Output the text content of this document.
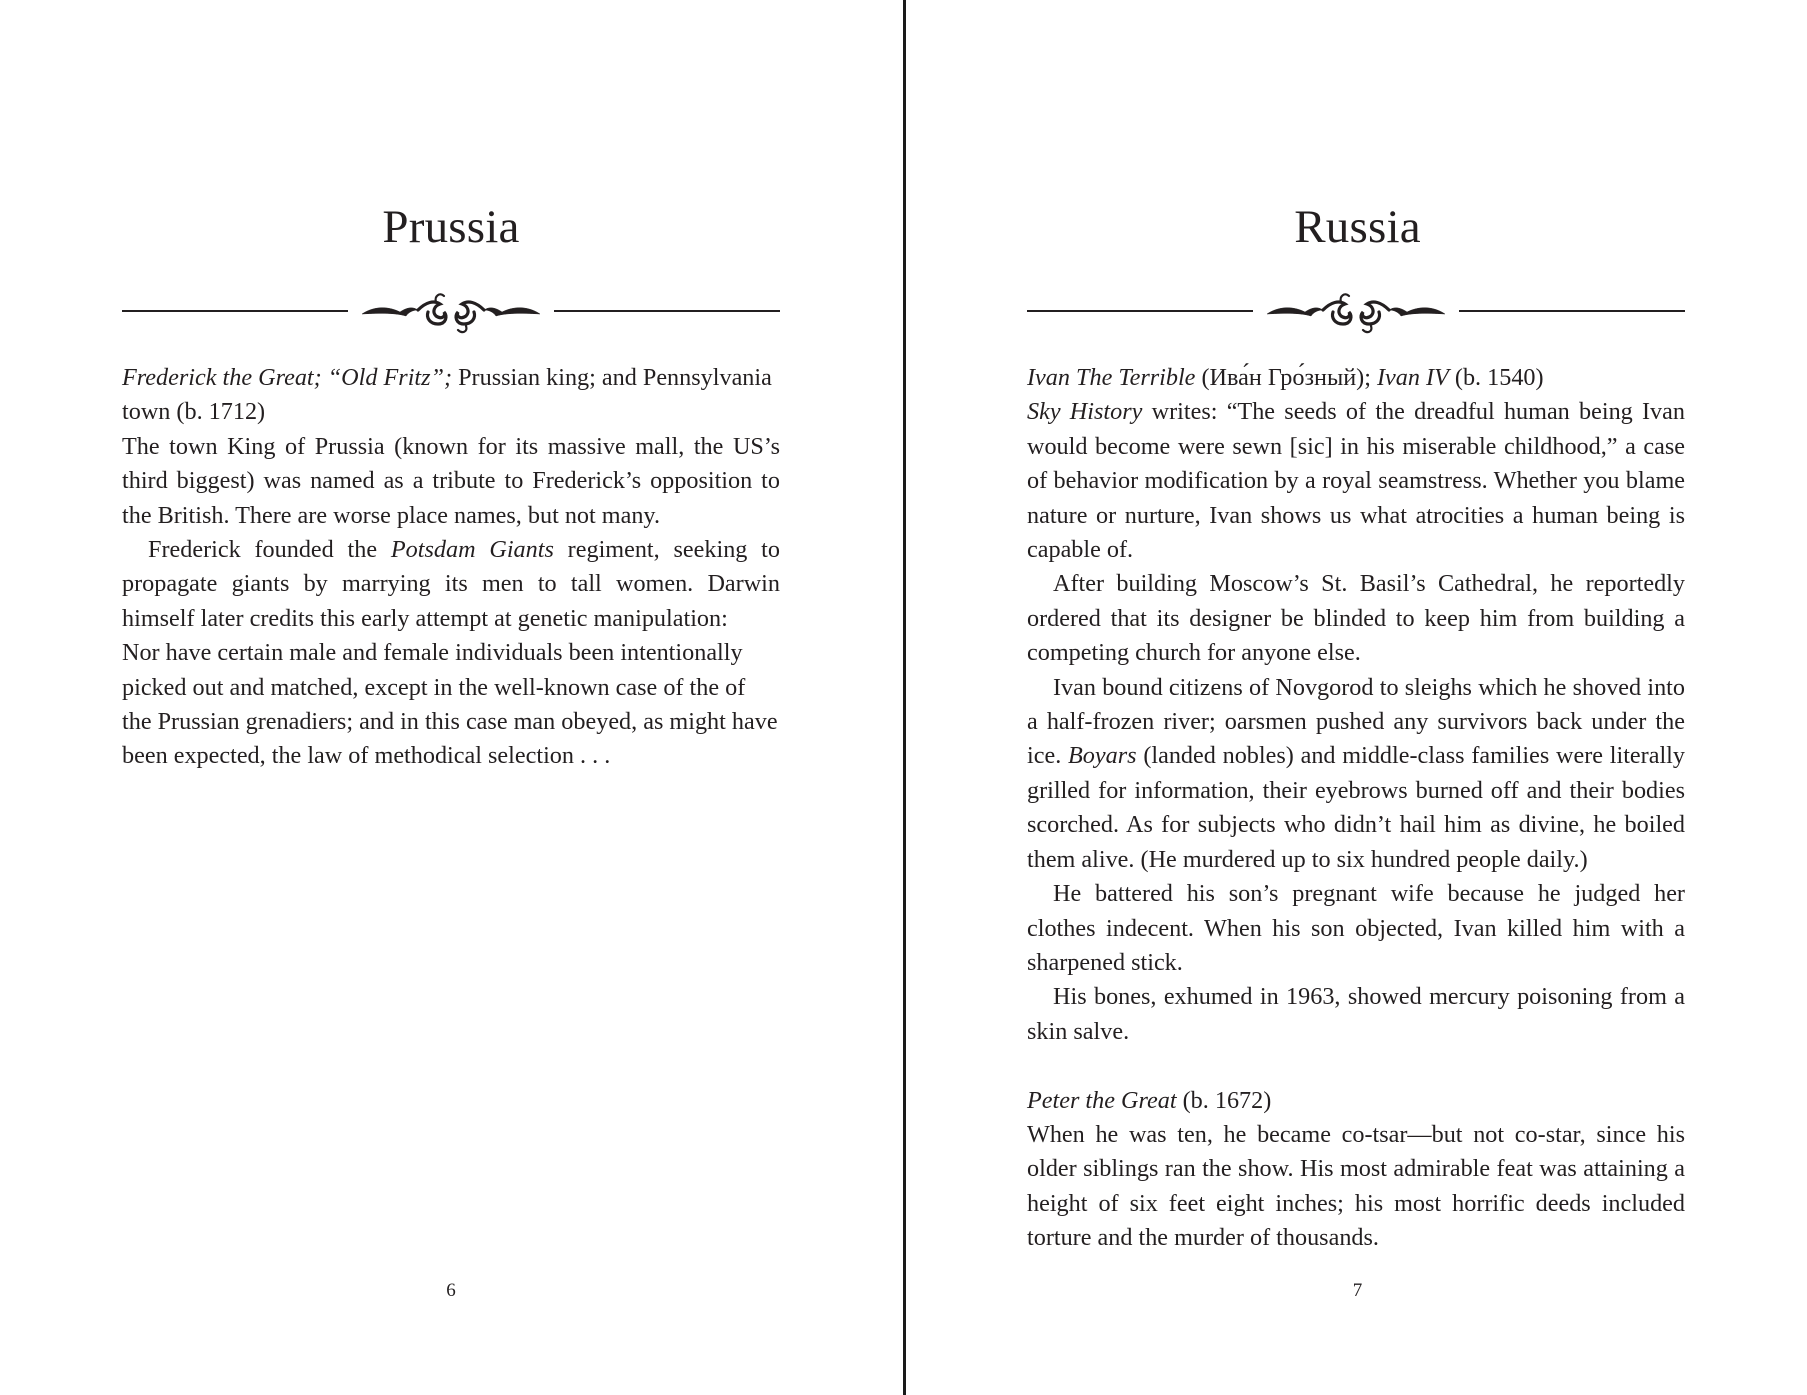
Prussia

Frederick the Great; “Old Fritz”; Prussian king; and Pennsylvania town (b. 1712)

The town King of Prussia (known for its massive mall, the US’s third biggest) was named as a tribute to Frederick’s opposition to the British. There are worse place names, but not many.

Frederick founded the Potsdam Giants regiment, seeking to propagate giants by marrying its men to tall women. Darwin himself later credits this early attempt at genetic manipulation:

Nor have certain male and female individuals been intentionally picked out and matched, except in the well-known case of the of the Prussian grenadiers; and in this case man obeyed, as might have been expected, the law of methodical selection . . .

6
Russia

Ivan The Terrible (Ива́н Гро́зный); Ivan IV (b. 1540)

Sky History writes: “The seeds of the dreadful human being Ivan would become were sewn [sic] in his miserable childhood,” a case of behavior modification by a royal seamstress. Whether you blame nature or nurture, Ivan shows us what atrocities a human being is capable of.

After building Moscow’s St. Basil’s Cathedral, he reportedly ordered that its designer be blinded to keep him from building a competing church for anyone else.

Ivan bound citizens of Novgorod to sleighs which he shoved into a half-frozen river; oarsmen pushed any survivors back under the ice. Boyars (landed nobles) and middle-class families were literally grilled for information, their eyebrows burned off and their bodies scorched. As for subjects who didn’t hail him as divine, he boiled them alive. (He murdered up to six hundred people daily.)

He battered his son’s pregnant wife because he judged her clothes indecent. When his son objected, Ivan killed him with a sharpened stick.

His bones, exhumed in 1963, showed mercury poisoning from a skin salve.

Peter the Great (b. 1672)

When he was ten, he became co-tsar—but not co-star, since his older siblings ran the show. His most admirable feat was attaining a height of six feet eight inches; his most horrific deeds included torture and the murder of thousands.

7
